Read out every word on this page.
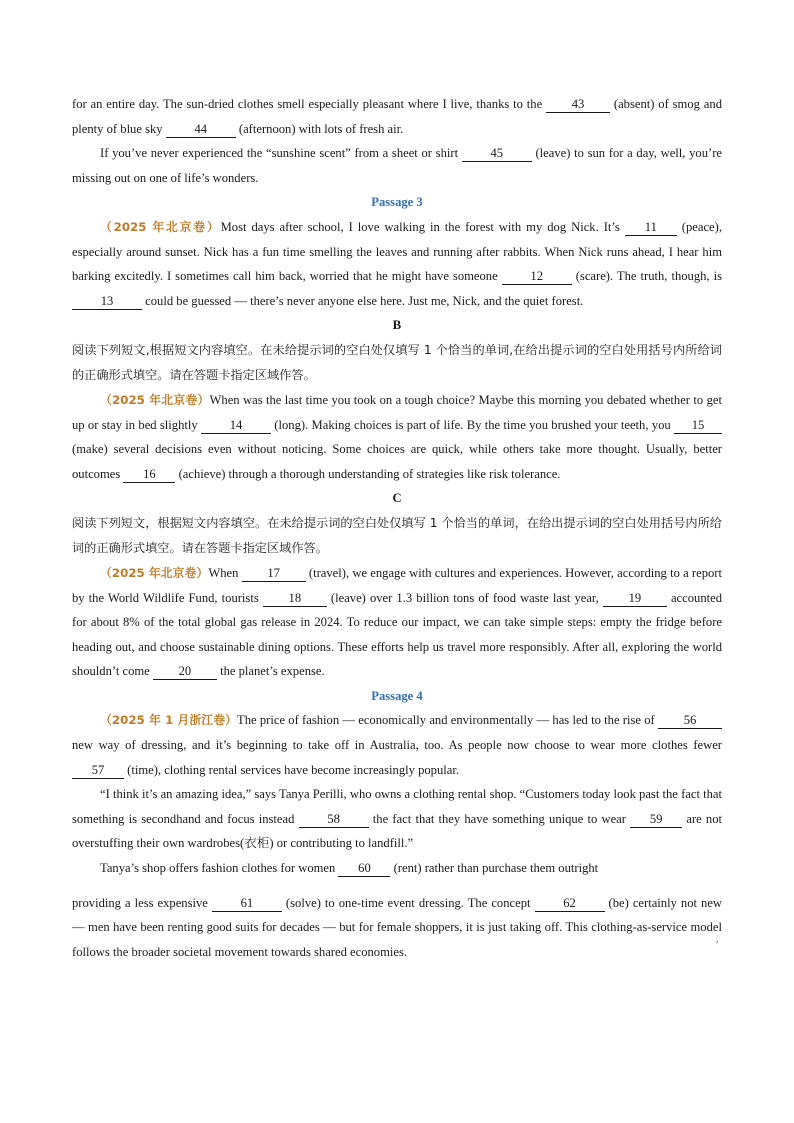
for an entire day. The sun-dried clothes smell especially pleasant where I live, thanks to the 43 (absent) of smog and plenty of blue sky 44 (afternoon) with lots of fresh air.

If you’ve never experienced the “sunshine scent” from a sheet or shirt 45 (leave) to sun for a day, well, you’re missing out on one of life’s wonders.

Passage 3

（2025 年北京卷）Most days after school, I love walking in the forest with my dog Nick. It’s 11 (peace), especially around sunset. Nick has a fun time smelling the leaves and running after rabbits. When Nick runs ahead, I hear him barking excitedly. I sometimes call him back, worried that he might have someone 12 (scare). The truth, though, is 13 could be guessed — there’s never anyone else here. Just me, Nick, and the quiet forest.

B

阅读下列短文,根据短文内容填空。在未给提示词的空白处仅填写 1 个恰当的单词,在给出提示词的空白处用括号内所给词的正确形式填空。请在答题卡指定区域作答。

（2025 年北京卷）When was the last time you took on a tough choice? Maybe this morning you debated whether to get up or stay in bed slightly 14 (long). Making choices is part of life. By the time you brushed your teeth, you 15 (make) several decisions even without noticing. Some choices are quick, while others take more thought. Usually, better outcomes 16 (achieve) through a thorough understanding of strategies like risk tolerance.

C

阅读下列短文，根据短文内容填空。在未给提示词的空白处仅填写 1 个恰当的单词，在给出提示词的空白处用括号内所给词的正确形式填空。请在答题卡指定区域作答。

（2025 年北京卷）When 17 (travel), we engage with cultures and experiences. However, according to a report by the World Wildlife Fund, tourists 18 (leave) over 1.3 billion tons of food waste last year, 19 accounted for about 8% of the total global gas release in 2024. To reduce our impact, we can take simple steps: empty the fridge before heading out, and choose sustainable dining options. These efforts help us travel more responsibly. After all, exploring the world shouldn’t come 20 the planet’s expense.

Passage 4

（2025 年 1 月浙江卷）The price of fashion — economically and environmentally — has led to the rise of 56 new way of dressing, and it’s beginning to take off in Australia, too. As people now choose to wear more clothes fewer 57 (time), clothing rental services have become increasingly popular.

“I think it’s an amazing idea,” says Tanya Perilli, who owns a clothing rental shop. “Customers today look past the fact that something is secondhand and focus instead 58 the fact that they have something unique to wear 59 are not overstuffing their own wardrobes(衣柜) or contributing to landfill.”

Tanya’s shop offers fashion clothes for women 60 (rent) rather than purchase them outright

providing a less expensive 61 (solve) to one-time event dressing. The concept 62 (be) certainly not new — men have been renting good suits for decades — but for female shoppers, it is just taking off. This clothing-as-service model follows the broader societal movement towards shared economies.

,
